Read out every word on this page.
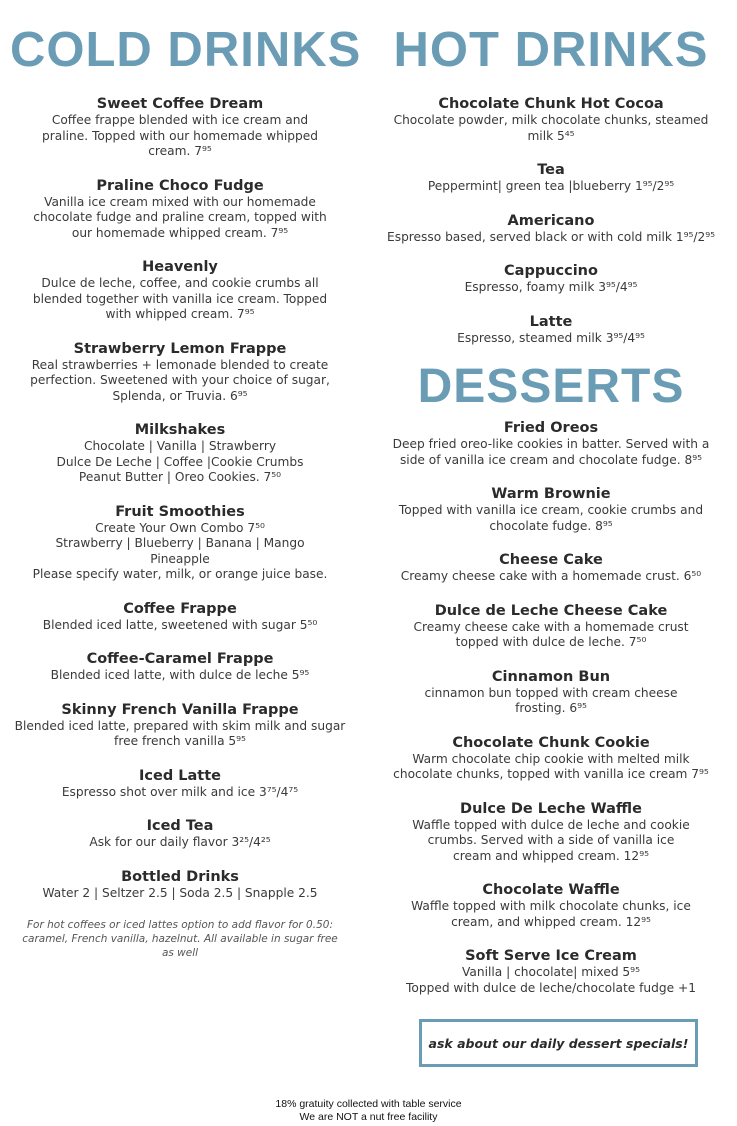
COLD DRINKS
Sweet Coffee Dream
Coffee frappe blended with ice cream and
praline. Topped with our homemade whipped
cream. 7⁹⁵
Praline Choco Fudge
Vanilla ice cream mixed with our homemade
chocolate fudge and praline cream, topped with
our homemade whipped cream. 7⁹⁵
Heavenly
Dulce de leche, coffee, and cookie crumbs all
blended together with vanilla ice cream. Topped
with whipped cream. 7⁹⁵
Strawberry Lemon Frappe
Real strawberries + lemonade blended to create
perfection. Sweetened with your choice of sugar,
Splenda, or Truvia. 6⁹⁵
Milkshakes
Chocolate | Vanilla | Strawberry
Dulce De Leche | Coffee |Cookie Crumbs
Peanut Butter | Oreo Cookies. 7⁵⁰
Fruit Smoothies
Create Your Own Combo 7⁵⁰
Strawberry | Blueberry | Banana | Mango
Pineapple
Please specify water, milk, or orange juice base.
Coffee Frappe
Blended iced latte, sweetened with sugar 5⁵⁰
Coffee-Caramel Frappe
Blended iced latte, with dulce de leche 5⁹⁵
Skinny French Vanilla Frappe
Blended iced latte, prepared with skim milk and sugar
free french vanilla 5⁹⁵
Iced Latte
Espresso shot over milk and ice 3⁷⁵/4⁷⁵
Iced Tea
Ask for our daily flavor 3²⁵/4²⁵
Bottled Drinks
Water 2 | Seltzer 2.5 | Soda 2.5 | Snapple 2.5
For hot coffees or iced lattes option to add flavor for 0.50:
caramel, French vanilla, hazelnut. All available in sugar free
as well
HOT DRINKS
Chocolate Chunk Hot Cocoa
Chocolate powder, milk chocolate chunks, steamed
milk 5⁴⁵
Tea
Peppermint| green tea |blueberry 1⁹⁵/2⁹⁵
Americano
Espresso based, served black or with cold milk 1⁹⁵/2⁹⁵
Cappuccino
Espresso, foamy milk 3⁹⁵/4⁹⁵
Latte
Espresso, steamed milk 3⁹⁵/4⁹⁵
DESSERTS
Fried Oreos
Deep fried oreo-like cookies in batter. Served with a
side of vanilla ice cream and chocolate fudge. 8⁹⁵
Warm Brownie
Topped with vanilla ice cream, cookie crumbs and
chocolate fudge. 8⁹⁵
Cheese Cake
Creamy cheese cake with a homemade crust. 6⁵⁰
Dulce de Leche Cheese Cake
Creamy cheese cake with a homemade crust
topped with dulce de leche. 7⁵⁰
Cinnamon Bun
cinnamon bun topped with cream cheese
frosting. 6⁹⁵
Chocolate Chunk Cookie
Warm chocolate chip cookie with melted milk
chocolate chunks, topped with vanilla ice cream 7⁹⁵
Dulce De Leche Waffle
Waffle topped with dulce de leche and cookie
crumbs. Served with a side of vanilla ice
cream and whipped cream. 12⁹⁵
Chocolate Waffle
Waffle topped with milk chocolate chunks, ice
cream, and whipped cream. 12⁹⁵
Soft Serve Ice Cream
Vanilla | chocolate| mixed 5⁹⁵
Topped with dulce de leche/chocolate fudge +1
ask about our daily dessert specials!
18% gratuity collected with table service
We are NOT a nut free facility
